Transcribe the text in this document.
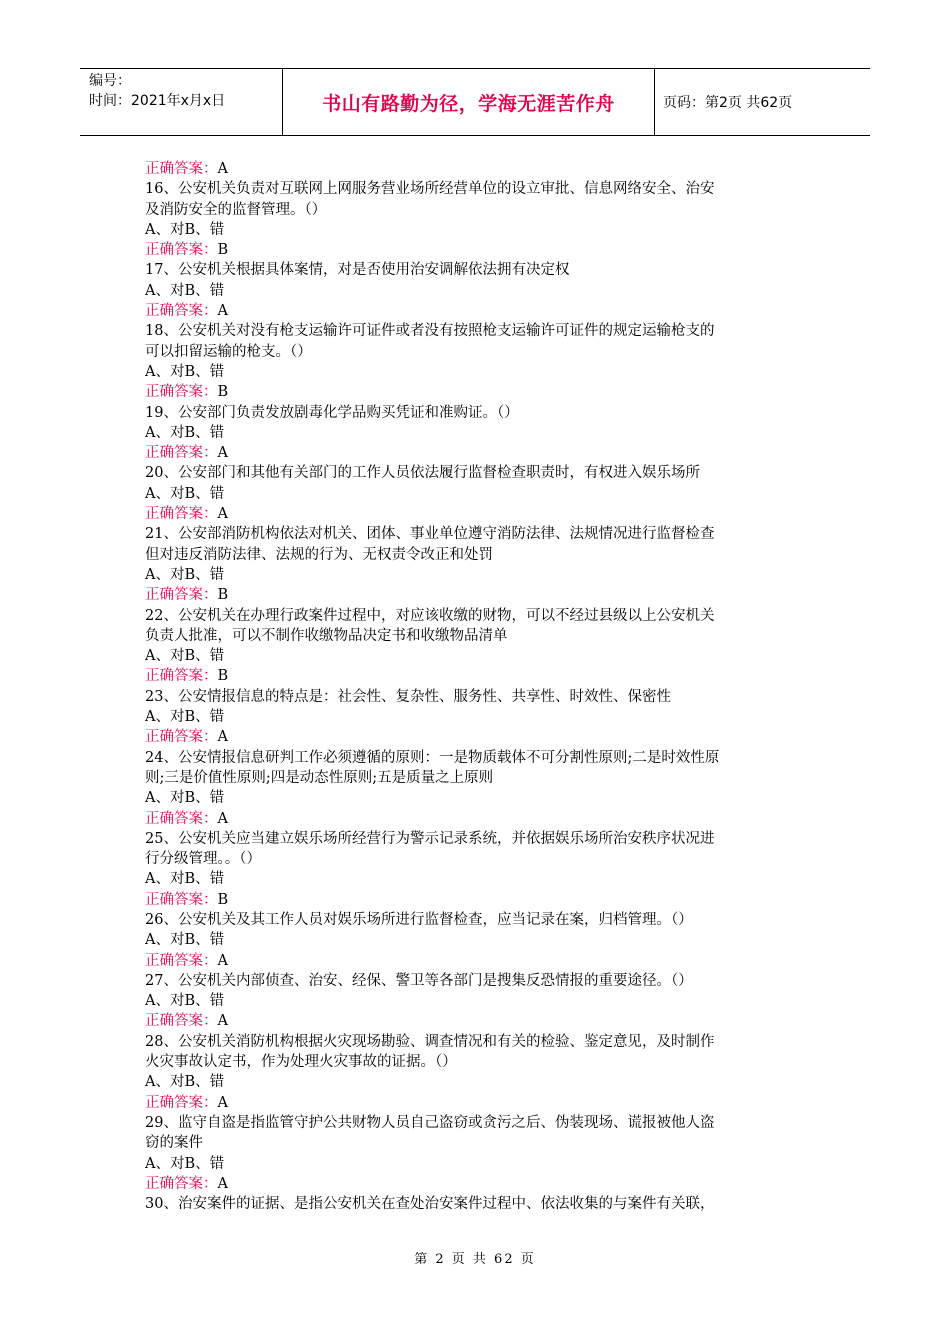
编号：
时间：2021年x月x日	书山有路勤为径，学海无涯苦作舟	页码：第2页 共62页
正确答案：A
16、公安机关负责对互联网上网服务营业场所经营单位的设立审批、信息网络安全、治安
及消防安全的监督管理。（）
A、对B、错
正确答案：B
17、公安机关根据具体案情，对是否使用治安调解依法拥有决定权
A、对B、错
正确答案：A
18、公安机关对没有枪支运输许可证件或者没有按照枪支运输许可证件的规定运输枪支的
可以扣留运输的枪支。（）
A、对B、错
正确答案：B
19、公安部门负责发放剧毒化学品购买凭证和准购证。（）
A、对B、错
正确答案：A
20、公安部门和其他有关部门的工作人员依法履行监督检查职责时，有权进入娱乐场所
A、对B、错
正确答案：A
21、公安部消防机构依法对机关、团体、事业单位遵守消防法律、法规情况进行监督检查
但对违反消防法律、法规的行为、无权责令改正和处罚
A、对B、错
正确答案：B
22、公安机关在办理行政案件过程中，对应该收缴的财物，可以不经过县级以上公安机关
负责人批准，可以不制作收缴物品决定书和收缴物品清单
A、对B、错
正确答案：B
23、公安情报信息的特点是：社会性、复杂性、服务性、共享性、时效性、保密性
A、对B、错
正确答案：A
24、公安情报信息研判工作必须遵循的原则：一是物质载体不可分割性原则;二是时效性原
则;三是价值性原则;四是动态性原则;五是质量之上原则
A、对B、错
正确答案：A
25、公安机关应当建立娱乐场所经营行为警示记录系统，并依据娱乐场所治安秩序状况进
行分级管理。。（）
A、对B、错
正确答案：B
26、公安机关及其工作人员对娱乐场所进行监督检查，应当记录在案，归档管理。（）
A、对B、错
正确答案：A
27、公安机关内部侦查、治安、经保、警卫等各部门是搜集反恐情报的重要途径。（）
A、对B、错
正确答案：A
28、公安机关消防机构根据火灾现场勘验、调查情况和有关的检验、鉴定意见，及时制作
火灾事故认定书，作为处理火灾事故的证据。（）
A、对B、错
正确答案：A
29、监守自盗是指监管守护公共财物人员自己盗窃或贪污之后、伪装现场、谎报被他人盗
窃的案件
A、对B、错
正确答案：A
30、治安案件的证据、是指公安机关在查处治安案件过程中、依法收集的与案件有关联，
第 2 页 共 62 页
